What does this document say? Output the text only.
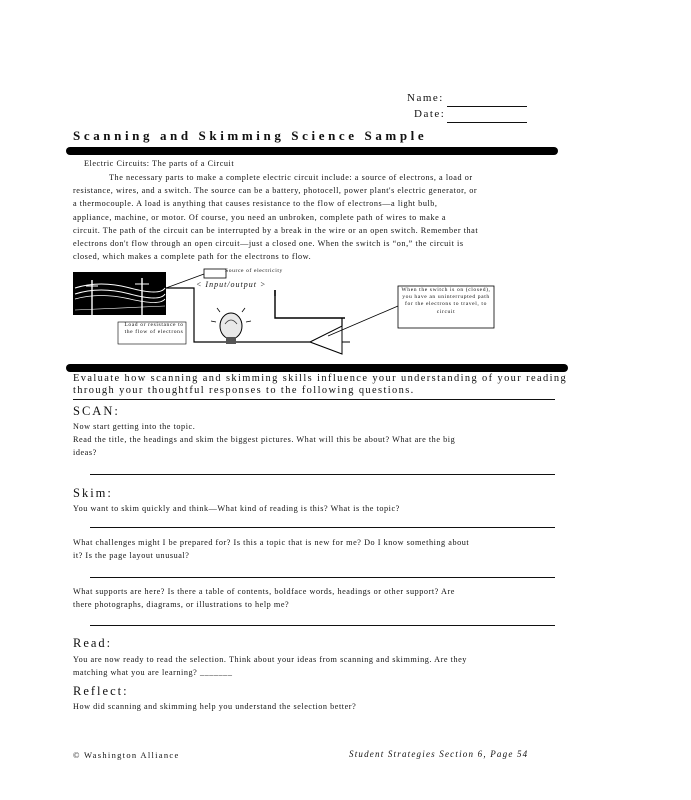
Name:
Date:
Scanning and Skimming Science Sample
Electric Circuits: The parts of a Circuit
The necessary parts to make a complete electric circuit include: a source of electrons, a load or
resistance, wires, and a switch. The source can be a battery, photocell, power plant's electric generator, or
a thermocouple. A load is anything that causes resistance to the flow of electrons—a light bulb,
appliance, machine, or motor. Of course, you need an unbroken, complete path of wires to make a
circuit. The path of the circuit can be interrupted by a break in the wire or an open switch. Remember that
electrons don't flow through an open circuit—just a closed one. When the switch is “on,” the circuit is
closed, which makes a complete path for the electrons to flow.
Source of electricity
< Input/output >
Load or resistance to the flow of electrons
When the switch is on (closed), you have an uninterrupted path for the electrons to travel, to circuit
Evaluate how scanning and skimming skills influence your understanding of your reading
through your thoughtful responses to the following questions.
SCAN:
Now start getting into the topic.
Read the title, the headings and skim the biggest pictures. What will this be about? What are the big
ideas?
Skim:
You want to skim quickly and think—What kind of reading is this? What is the topic?
What challenges might I be prepared for? Is this a topic that is new for me? Do I know something about
it? Is the page layout unusual?
What supports are here? Is there a table of contents, boldface words, headings or other support? Are
there photographs, diagrams, or illustrations to help me?
Read:
You are now ready to read the selection. Think about your ideas from scanning and skimming. Are they
matching what you are learning? _______
Reflect:
How did scanning and skimming help you understand the selection better?
© Washington Alliance	Student Strategies Section 6, Page 54
